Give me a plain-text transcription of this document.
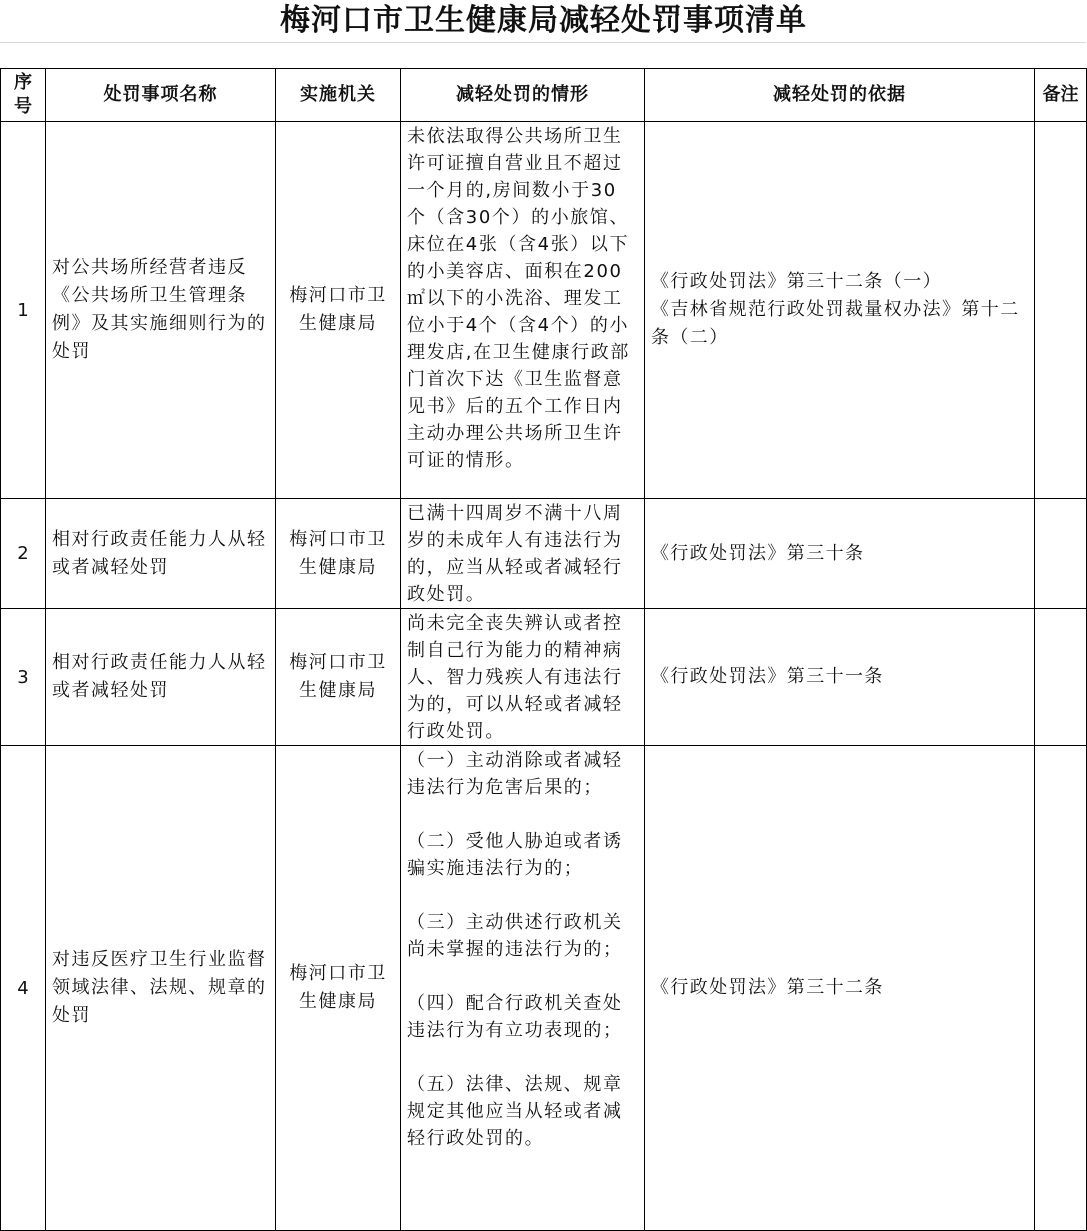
梅河口市卫生健康局减轻处罚事项清单
序号	处罚事项名称	实施机关	减轻处罚的情形	减轻处罚的依据	备注
1	对公共场所经营者违反《公共场所卫生管理条例》及其实施细则行为的处罚	梅河口市卫生健康局	未依法取得公共场所卫生许可证擅自营业且不超过一个月的,房间数小于30个（含30个）的小旅馆、床位在4张（含4张）以下的小美容店、面积在200㎡以下的小洗浴、理发工位小于4个（含4个）的小理发店,在卫生健康行政部门首次下达《卫生监督意见书》后的五个工作日内主动办理公共场所卫生许可证的情形。	《行政处罚法》第三十二条（一）
《吉林省规范行政处罚裁量权办法》第十二条（二）	

2	相对行政责任能力人从轻或者减轻处罚	梅河口市卫生健康局	已满十四周岁不满十八周岁的未成年人有违法行为的，应当从轻或者减轻行政处罚。	《行政处罚法》第三十条	

3	相对行政责任能力人从轻或者减轻处罚	梅河口市卫生健康局	尚未完全丧失辨认或者控制自己行为能力的精神病人、智力残疾人有违法行为的，可以从轻或者减轻行政处罚。	《行政处罚法》第三十一条	

4	对违反医疗卫生行业监督领域法律、法规、规章的处罚	梅河口市卫生健康局	（一）主动消除或者减轻违法行为危害后果的；
（二）受他人胁迫或者诱骗实施违法行为的；
（三）主动供述行政机关尚未掌握的违法行为的；
（四）配合行政机关查处违法行为有立功表现的；
（五）法律、法规、规章规定其他应当从轻或者减轻行政处罚的。	《行政处罚法》第三十二条	
